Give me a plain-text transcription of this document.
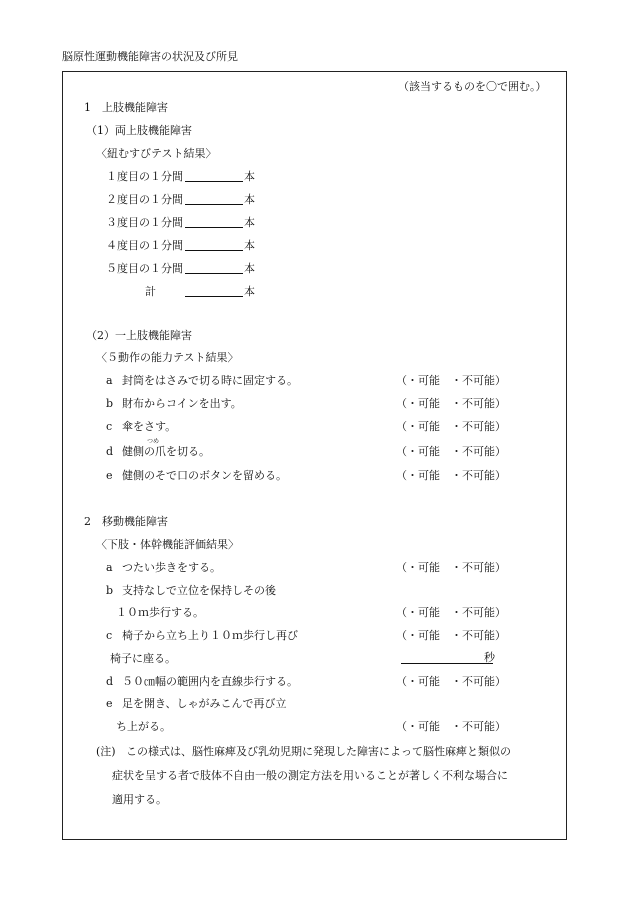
脳原性運動機能障害の状況及び所見
（該当するものを〇で囲む。）
1　上肢機能障害
（1）両上肢機能障害
〈紐むすびテスト結果〉
１度目の１分間	本
２度目の１分間	本
３度目の１分間	本
４度目の１分間	本
５度目の１分間	本
計	本
（2）一上肢機能障害
〈５動作の能力テスト結果〉
a 封筒をはさみで切る時に固定する。	（・可能　・不可能）
b 財布からコインを出す。	（・可能　・不可能）
c 傘をさす。	（・可能　・不可能）
つめ
d 健側の爪を切る。	（・可能　・不可能）
e 健側のそで口のボタンを留める。	（・可能　・不可能）
2　移動機能障害
〈下肢・体幹機能評価結果〉
a つたい歩きをする。	（・可能　・不可能）
b 支持なしで立位を保持しその後
１０ｍ歩行する。	（・可能　・不可能）
c 椅子から立ち上り１０ｍ歩行し再び	（・可能　・不可能）
椅子に座る。	秒
d ５０㎝幅の範囲内を直線歩行する。	（・可能　・不可能）
e 足を開き、しゃがみこんで再び立
ち上がる。	（・可能　・不可能）
(注) この様式は、脳性麻痺及び乳幼児期に発現した障害によって脳性麻痺と類似の
症状を呈する者で肢体不自由一般の測定方法を用いることが著しく不利な場合に
適用する。
